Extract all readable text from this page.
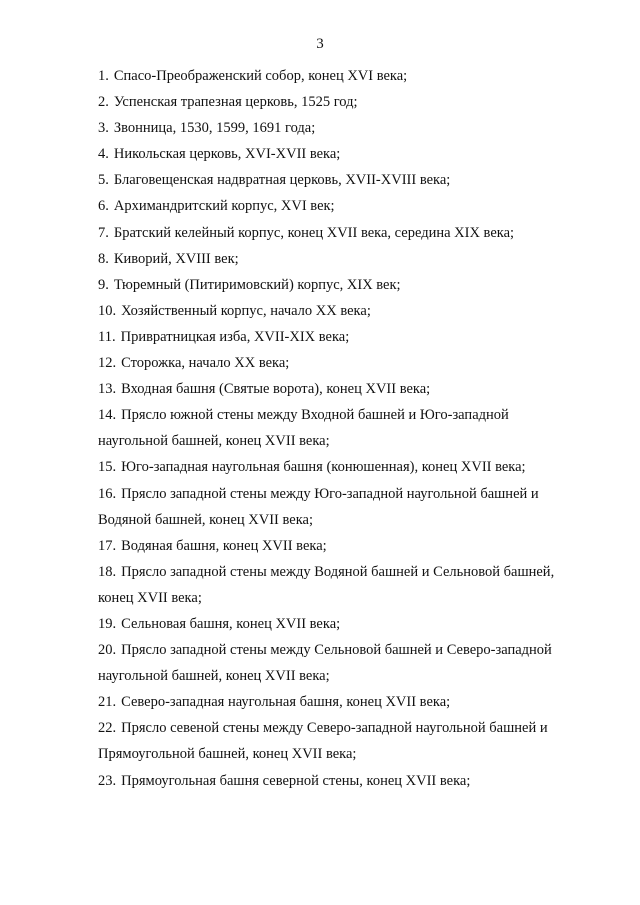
3
1. Спасо-Преображенский собор, конец XVI века;
2. Успенская трапезная церковь, 1525 год;
3. Звонница, 1530, 1599, 1691 года;
4. Никольская церковь, XVI-XVII века;
5. Благовещенская надвратная церковь, XVII-XVIII века;
6. Архимандритский корпус, XVI век;
7. Братский келейный корпус, конец XVII века, середина XIX века;
8. Киворий, XVIII век;
9. Тюремный (Питиримовский) корпус, XIX век;
10. Хозяйственный корпус, начало XX века;
11. Привратницкая изба, XVII-XIX века;
12. Сторожка, начало XX века;
13. Входная башня (Святые ворота), конец XVII века;
14. Прясло южной стены между Входной башней и Юго-западной
наугольной башней, конец XVII века;
15. Юго-западная наугольная башня (конюшенная), конец XVII века;
16. Прясло западной стены между Юго-западной наугольной башней и
Водяной башней, конец XVII века;
17. Водяная башня, конец XVII века;
18. Прясло западной стены между Водяной башней и Сельновой башней,
конец XVII века;
19. Сельновая башня, конец XVII века;
20. Прясло западной стены между Сельновой башней и Северо-западной
наугольной башней, конец XVII века;
21. Северо-западная наугольная башня, конец XVII века;
22. Прясло севеной стены между Северо-западной наугольной башней и
Прямоугольной башней, конец XVII века;
23. Прямоугольная башня северной стены, конец XVII века;
